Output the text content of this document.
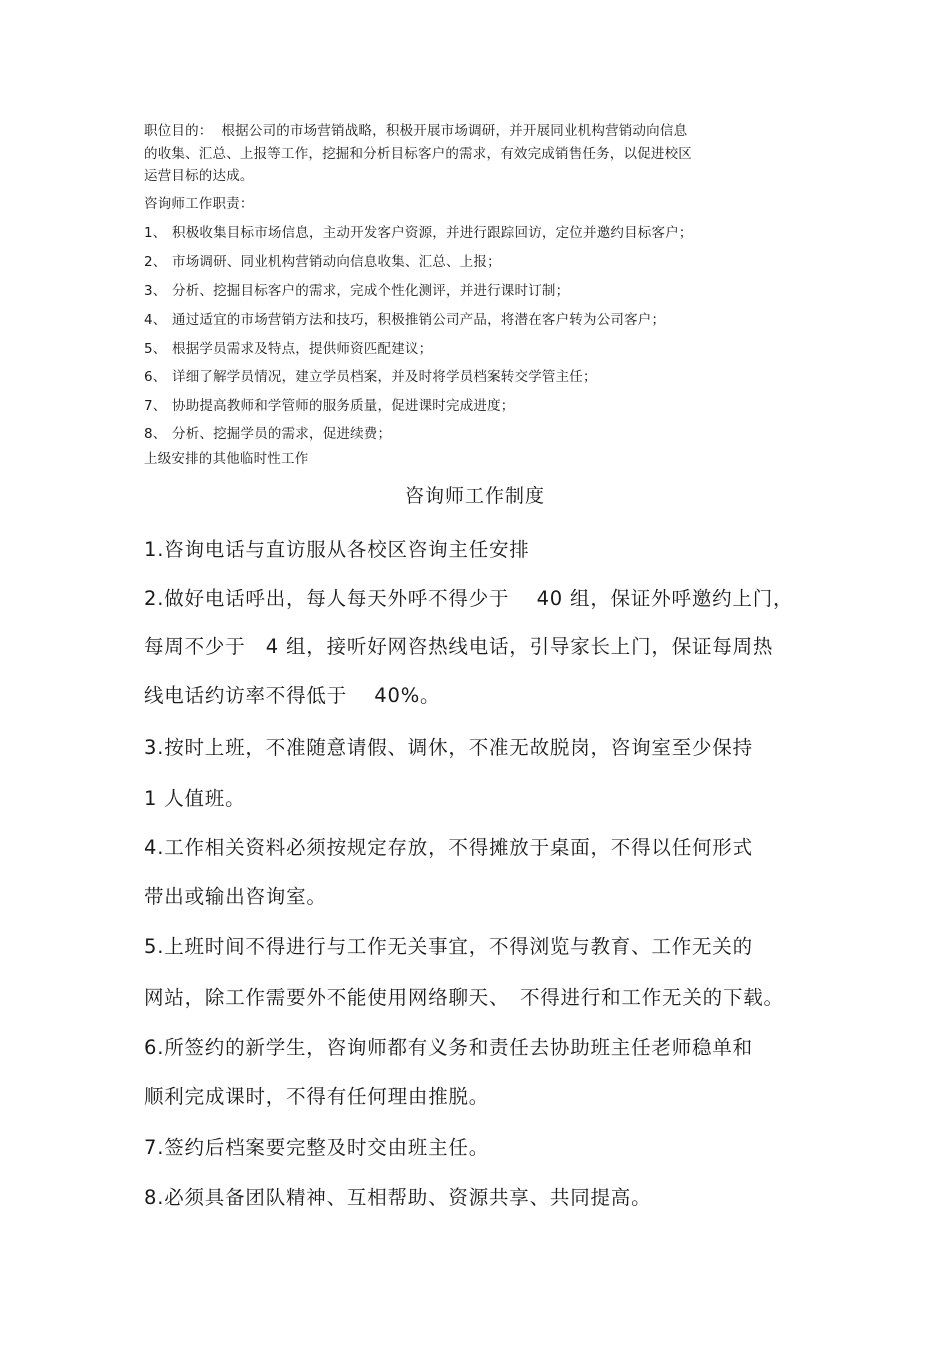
职位目的： 根据公司的市场营销战略，积极开展市场调研，并开展同业机构营销动向信息
的收集、汇总、上报等工作，挖掘和分析目标客户的需求，有效完成销售任务，以促进校区
运营目标的达成。
咨询师工作职责：
1、 积极收集目标市场信息，主动开发客户资源，并进行跟踪回访，定位并邀约目标客户；
2、 市场调研、同业机构营销动向信息收集、汇总、上报；
3、 分析、挖掘目标客户的需求，完成个性化测评，并进行课时订制；
4、 通过适宜的市场营销方法和技巧，积极推销公司产品，将潜在客户转为公司客户；
5、 根据学员需求及特点，提供师资匹配建议；
6、 详细了解学员情况，建立学员档案，并及时将学员档案转交学管主任；
7、 协助提高教师和学管师的服务质量，促进课时完成进度；
8、 分析、挖掘学员的需求，促进续费；
上级安排的其他临时性工作
咨询师工作制度
1.咨询电话与直访服从各校区咨询主任安排
2.做好电话呼出，每人每天外呼不得少于　 40 组，保证外呼邀约上门，
每周不少于　4 组，接听好网咨热线电话，引导家长上门，保证每周热
线电话约访率不得低于　 40%。
3.按时上班，不准随意请假、调休，不准无故脱岗，咨询室至少保持
1 人值班。
4.工作相关资料必须按规定存放，不得摊放于桌面，不得以任何形式
带出或输出咨询室。
5.上班时间不得进行与工作无关事宜，不得浏览与教育、工作无关的
网站，除工作需要外不能使用网络聊天、　不得进行和工作无关的下载。
6.所签约的新学生，咨询师都有义务和责任去协助班主任老师稳单和
顺利完成课时，不得有任何理由推脱。
7.签约后档案要完整及时交由班主任。
8.必须具备团队精神、互相帮助、资源共享、共同提高。
